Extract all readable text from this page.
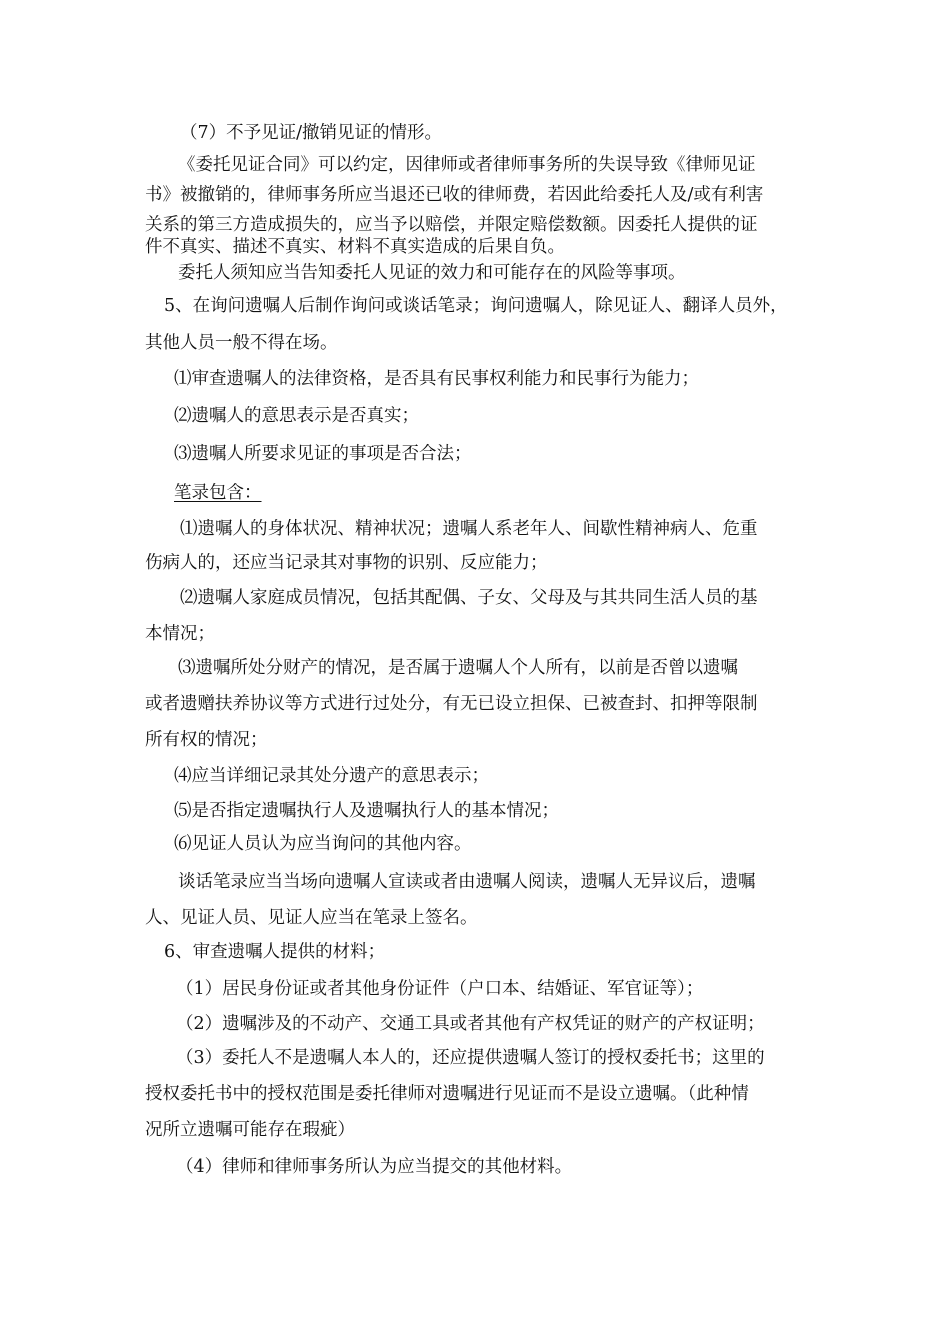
（7）不予见证/撤销见证的情形。
《委托见证合同》可以约定，因律师或者律师事务所的失误导致《律师见证
书》被撤销的，律师事务所应当退还已收的律师费，若因此给委托人及/或有利害
关系的第三方造成损失的，应当予以赔偿，并限定赔偿数额。因委托人提供的证
件不真实、描述不真实、材料不真实造成的后果自负。
委托人须知应当告知委托人见证的效力和可能存在的风险等事项。
5、在询问遗嘱人后制作询问或谈话笔录；询问遗嘱人，除见证人、翻译人员外，
其他人员一般不得在场。
⑴审查遗嘱人的法律资格，是否具有民事权利能力和民事行为能力；
⑵遗嘱人的意思表示是否真实；
⑶遗嘱人所要求见证的事项是否合法；
笔录包含：
⑴遗嘱人的身体状况、精神状况；遗嘱人系老年人、间歇性精神病人、危重
伤病人的，还应当记录其对事物的识别、反应能力；
⑵遗嘱人家庭成员情况，包括其配偶、子女、父母及与其共同生活人员的基
本情况；
⑶遗嘱所处分财产的情况，是否属于遗嘱人个人所有，以前是否曾以遗嘱
或者遗赠扶养协议等方式进行过处分，有无已设立担保、已被查封、扣押等限制
所有权的情况；
⑷应当详细记录其处分遗产的意思表示；
⑸是否指定遗嘱执行人及遗嘱执行人的基本情况；
⑹见证人员认为应当询问的其他内容。
谈话笔录应当当场向遗嘱人宣读或者由遗嘱人阅读，遗嘱人无异议后，遗嘱
人、见证人员、见证人应当在笔录上签名。
6、审查遗嘱人提供的材料；
（1）居民身份证或者其他身份证件（户口本、结婚证、军官证等）；
（2）遗嘱涉及的不动产、交通工具或者其他有产权凭证的财产的产权证明；
（3）委托人不是遗嘱人本人的，还应提供遗嘱人签订的授权委托书；这里的
授权委托书中的授权范围是委托律师对遗嘱进行见证而不是设立遗嘱。（此种情
况所立遗嘱可能存在瑕疵）
（4）律师和律师事务所认为应当提交的其他材料。
